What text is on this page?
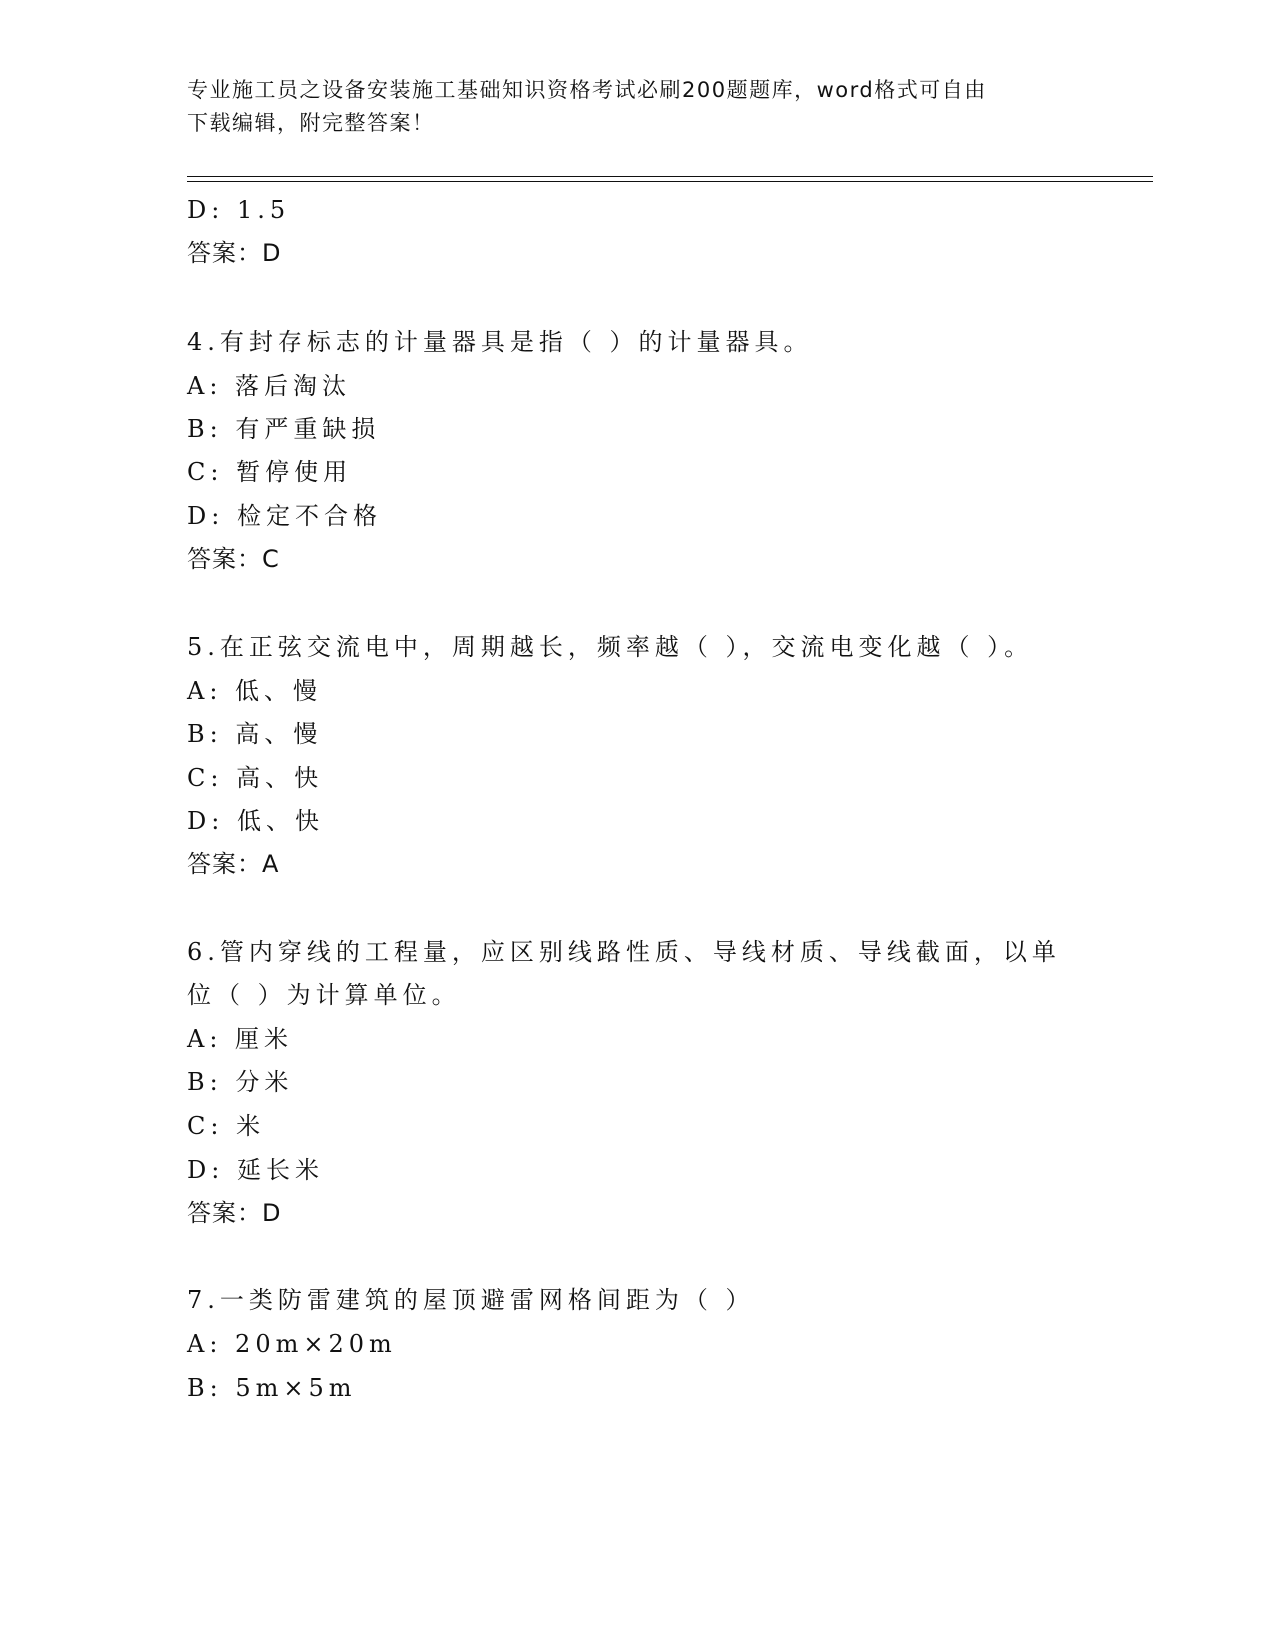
专业施工员之设备安装施工基础知识资格考试必刷200题题库，word格式可自由
下载编辑，附完整答案！
D: 1.5
答案：D
4.有封存标志的计量器具是指（ ）的计量器具。
A: 落后淘汰
B: 有严重缺损
C: 暂停使用
D: 检定不合格
答案：C
5.在正弦交流电中，周期越长，频率越（ ），交流电变化越（ ）。
A: 低、慢
B: 高、慢
C: 高、快
D: 低、快
答案：A
6.管内穿线的工程量，应区别线路性质、导线材质、导线截面，以单
位（ ）为计算单位。
A: 厘米
B: 分米
C: 米
D: 延长米
答案：D
7.一类防雷建筑的屋顶避雷网格间距为（ ）
A: 20m×20m
B: 5m×5m
